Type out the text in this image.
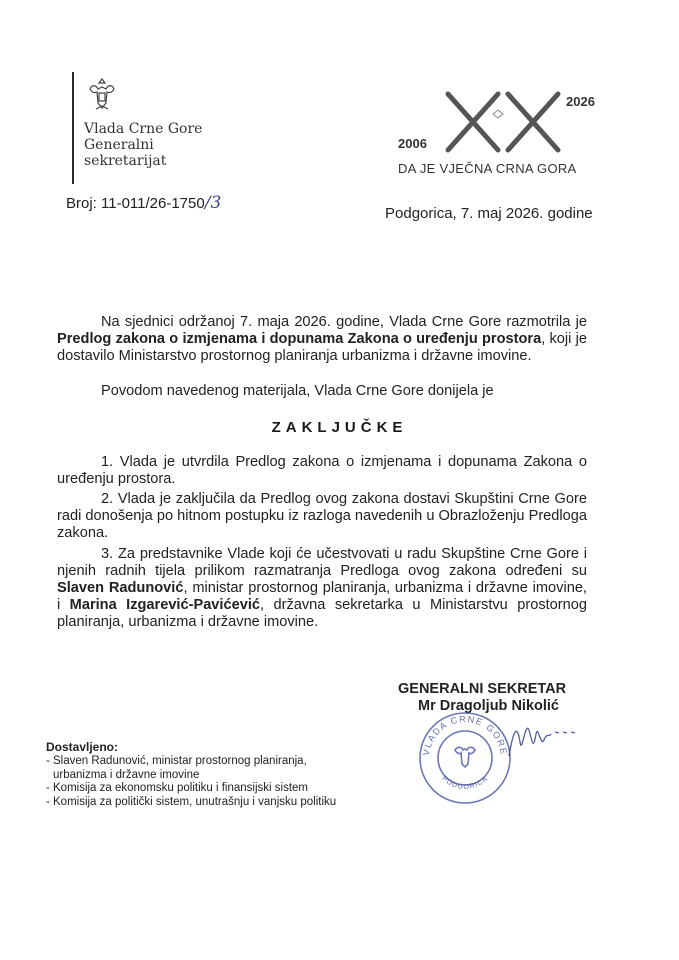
Vlada Crne Gore
Generalni
sekretarijat
2006
2026
DA JE VJEČNA CRNA GORA
Broj: 11-011/26-1750/3
Podgorica, 7. maj 2026. godine
Na sjednici održanoj 7. maja 2026. godine, Vlada Crne Gore razmotrila je Predlog zakona o izmjenama i dopunama Zakona o uređenju prostora, koji je dostavilo Ministarstvo prostornog planiranja urbanizma i državne imovine.
Povodom navedenog materijala, Vlada Crne Gore donijela je
ZAKLJUČKE
1. Vlada je utvrdila Predlog zakona o izmjenama i dopunama Zakona o uređenju prostora.
2. Vlada je zaključila da Predlog ovog zakona dostavi Skupštini Crne Gore radi donošenja po hitnom postupku iz razloga navedenih u Obrazloženju Predloga zakona.
3. Za predstavnike Vlade koji će učestvovati u radu Skupštine Crne Gore i njenih radnih tijela prilikom razmatranja Predloga ovog zakona određeni su Slaven Radunović, ministar prostornog planiranja, urbanizma i državne imovine, i Marina Izgarević-Pavićević, državna sekretarka u Ministarstvu prostornog planiranja, urbanizma i državne imovine.
GENERALNI SEKRETAR
Mr Dragoljub Nikolić
VLADA CRNE GORE
PODGORICA
Dostavljeno:
- Slaven Radunović, ministar prostornog planiranja, urbanizma i državne imovine
- Komisija za ekonomsku politiku i finansijski sistem
- Komisija za politički sistem, unutrašnju i vanjsku politiku
